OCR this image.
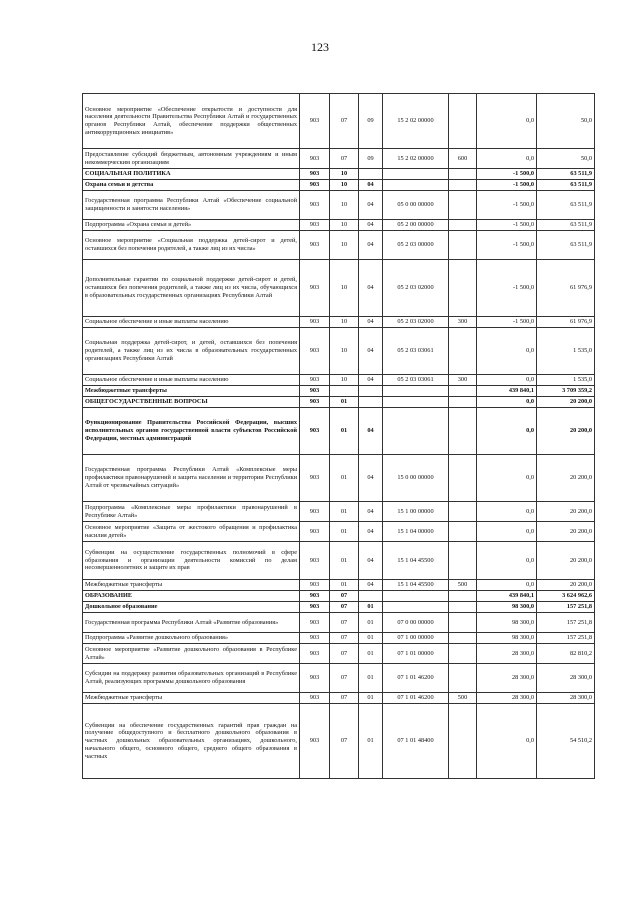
123
Основное мероприятие «Обеспечение открытости и доступности для населения деятельности Правительства Республики Алтай и государственных органов Республики Алтай, обеспечение поддержки общественных антикоррупционных инициатив»	903	07	09	15 2 02 00000		0,0	50,0
Предоставление субсидий бюджетным, автономным учреждениям и иным некоммерческим организациям	903	07	09	15 2 02 00000	600	0,0	50,0
СОЦИАЛЬНАЯ ПОЛИТИКА	903	10				-1 500,0	63 511,9
Охрана семьи и детства	903	10	04			-1 500,0	63 511,9
Государственная программа Республики Алтай «Обеспечение социальной защищенности и занятости населения»	903	10	04	05 0 00 00000		-1 500,0	63 511,9
Подпрограмма «Охрана семьи и детей»	903	10	04	05 2 00 00000		-1 500,0	63 511,9
Основное мероприятие «Социальная поддержка детей-сирот и детей, оставшихся без попечения родителей, а также лиц из их числа»	903	10	04	05 2 03 00000		-1 500,0	63 511,9
Дополнительные гарантии по социальной поддержке детей-сирот и детей, оставшихся без попечения родителей, а также лиц из их числа, обучающихся в образовательных государственных организациях Республики Алтай	903	10	04	05 2 03 02000		-1 500,0	61 976,9
Социальное обеспечение и иные выплаты населению	903	10	04	05 2 03 02000	300	-1 500,0	61 976,9
Социальная поддержка детей-сирот, и детей, оставшихся без попечения родителей, а также лиц из их числа в образовательных государственных организациях Республики Алтай	903	10	04	05 2 03 03061		0,0	1 535,0
Социальное обеспечение и иные выплаты населению	903	10	04	05 2 03 03061	300	0,0	1 535,0
Межбюджетные трансферты	903					439 840,1	3 709 359,2
ОБЩЕГОСУДАРСТВЕННЫЕ ВОПРОСЫ	903	01				0,0	20 200,0
Функционирование Правительства Российской Федерации, высших исполнительных органов государственной власти субъектов Российской Федерации, местных администраций	903	01	04			0,0	20 200,0
Государственная программа Республики Алтай «Комплексные меры профилактики правонарушений и защита населения и территории Республики Алтай от чрезвычайных ситуаций»	903	01	04	15 0 00 00000		0,0	20 200,0
Подпрограмма «Комплексные меры профилактики правонарушений в Республике Алтай»	903	01	04	15 1 00 00000		0,0	20 200,0
Основное мероприятие «Защита от жестокого обращения и профилактика насилия детей»	903	01	04	15 1 04 00000		0,0	20 200,0
Субвенции на осуществление государственных полномочий в сфере образования и организации деятельности комиссий по делам несовершеннолетних и защите их прав	903	01	04	15 1 04 45500		0,0	20 200,0
Межбюджетные трансферты	903	01	04	15 1 04 45500	500	0,0	20 200,0
ОБРАЗОВАНИЕ	903	07				439 840,1	3 624 962,6
Дошкольное образование	903	07	01			98 300,0	157 251,8
Государственная программа Республики Алтай «Развитие образования»	903	07	01	07 0 00 00000		98 300,0	157 251,8
Подпрограмма «Развитие дошкольного образования»	903	07	01	07 1 00 00000		98 300,0	157 251,8
Основное мероприятие «Развитие дошкольного образования в Республике Алтай»	903	07	01	07 1 01 00000		28 300,0	82 810,2
Субсидии на поддержку развития образовательных организаций в Республике Алтай, реализующих программы дошкольного образования	903	07	01	07 1 01 46200		28 300,0	28 300,0
Межбюджетные трансферты	903	07	01	07 1 01 46200	500	28 300,0	28 300,0
Субвенции на обеспечение государственных гарантий прав граждан на получение общедоступного и бесплатного дошкольного образования в частных дошкольных образовательных организациях, дошкольного, начального общего, основного общего, среднего общего образования в частных	903	07	01	07 1 01 48400		0,0	54 510,2
